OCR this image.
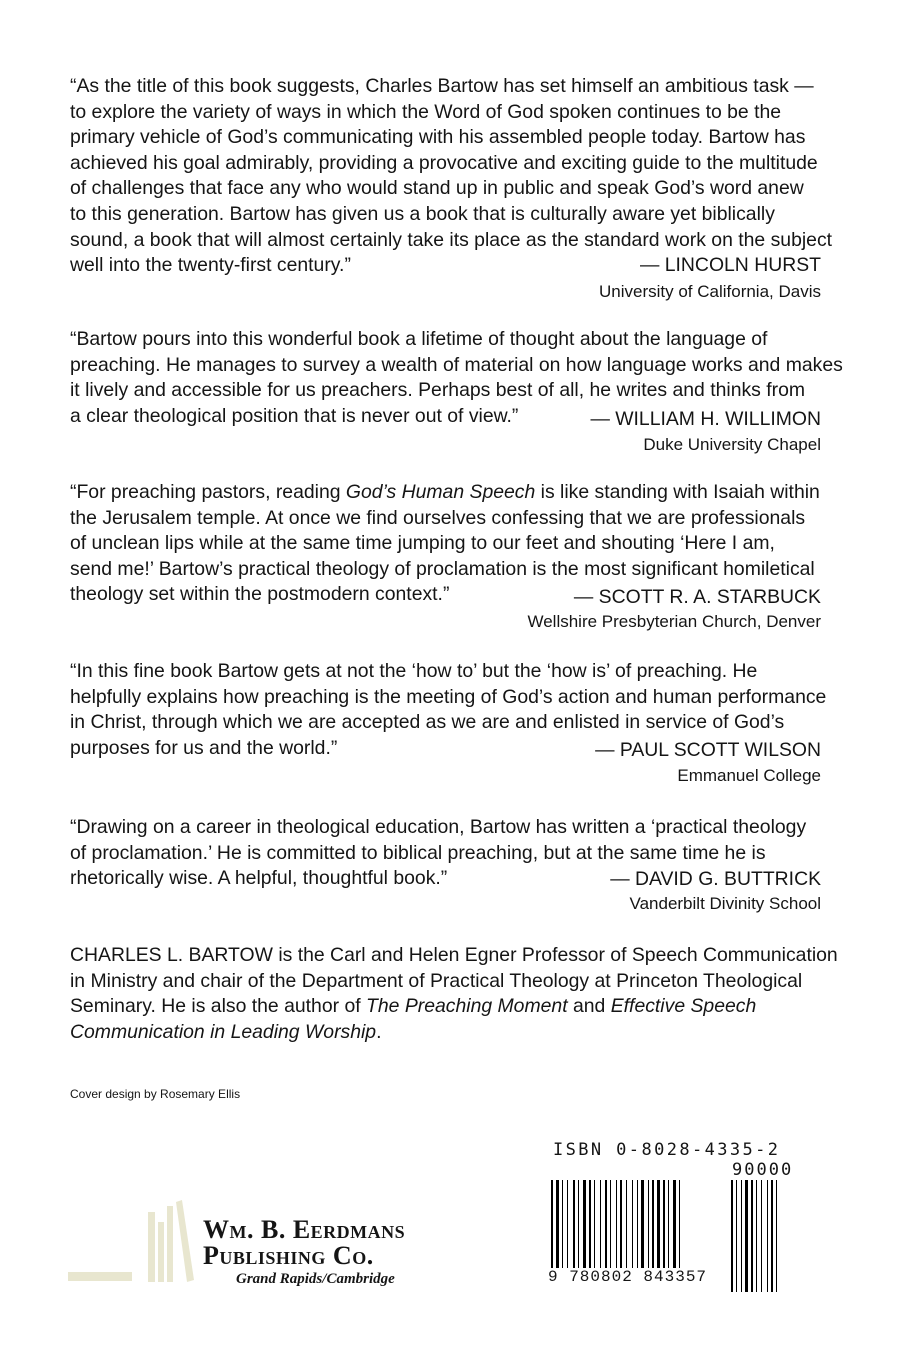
“As the title of this book suggests, Charles Bartow has set himself an ambitious task —
to explore the variety of ways in which the Word of God spoken continues to be the
primary vehicle of God’s communicating with his assembled people today. Bartow has
achieved his goal admirably, providing a provocative and exciting guide to the multitude
of challenges that face any who would stand up in public and speak God’s word anew
to this generation. Bartow has given us a book that is culturally aware yet biblically
sound, a book that will almost certainly take its place as the standard work on the subject
well into the twenty-first century.”	— LINCOLN HURST
University of California, Davis

“Bartow pours into this wonderful book a lifetime of thought about the language of
preaching. He manages to survey a wealth of material on how language works and makes
it lively and accessible for us preachers. Perhaps best of all, he writes and thinks from
a clear theological position that is never out of view.”	— WILLIAM H. WILLIMON
Duke University Chapel

“For preaching pastors, reading God’s Human Speech is like standing with Isaiah within
the Jerusalem temple. At once we find ourselves confessing that we are professionals
of unclean lips while at the same time jumping to our feet and shouting ‘Here I am,
send me!’ Bartow’s practical theology of proclamation is the most significant homiletical
theology set within the postmodern context.”	— SCOTT R. A. STARBUCK
Wellshire Presbyterian Church, Denver

“In this fine book Bartow gets at not the ‘how to’ but the ‘how is’ of preaching. He
helpfully explains how preaching is the meeting of God’s action and human performance
in Christ, through which we are accepted as we are and enlisted in service of God’s
purposes for us and the world.”	— PAUL SCOTT WILSON
Emmanuel College

“Drawing on a career in theological education, Bartow has written a ‘practical theology
of proclamation.’ He is committed to biblical preaching, but at the same time he is
rhetorically wise. A helpful, thoughtful book.”	— DAVID G. BUTTRICK
Vanderbilt Divinity School
CHARLES L. BARTOW is the Carl and Helen Egner Professor of Speech Communication
in Ministry and chair of the Department of Practical Theology at Princeton Theological
Seminary. He is also the author of The Preaching Moment and Effective Speech
Communication in Leading Worship.
Cover design by Rosemary Ellis
Wm. B. Eerdmans
Publishing Co.
Grand Rapids/Cambridge
ISBN 0-8028-4335-2
90000
9 780802 843357
